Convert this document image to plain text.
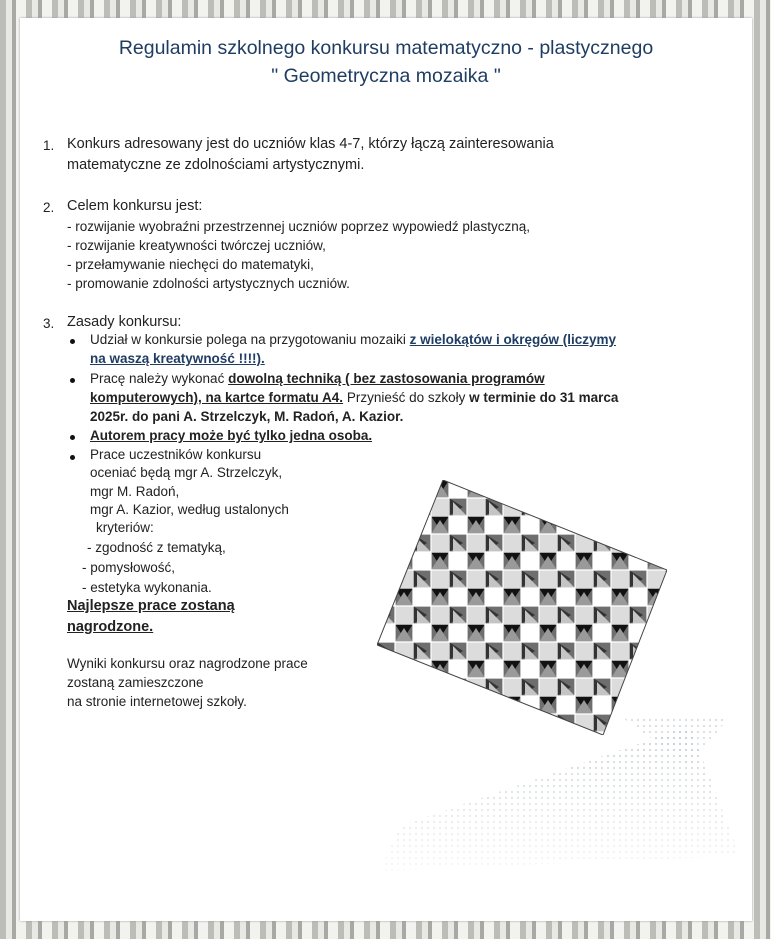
Regulamin szkolnego konkursu matematyczno - plastycznego
" Geometryczna mozaika "
1. Konkurs adresowany jest do uczniów klas 4-7, którzy łączą zainteresowania
matematyczne ze zdolnościami artystycznymi.
2. Celem konkursu jest:
- rozwijanie wyobraźni przestrzennej uczniów poprzez wypowiedź plastyczną,
- rozwijanie kreatywności twórczej uczniów,
- przełamywanie niechęci do matematyki,
- promowanie zdolności artystycznych uczniów.
3. Zasady konkursu:
Udział w konkursie polega na przygotowaniu mozaiki z wielokątów i okręgów (liczymy
na waszą kreatywność !!!!).
Pracę należy wykonać dowolną techniką ( bez zastosowania programów
komputerowych), na kartce formatu A4. Przynieść do szkoły w terminie do 31 marca
2025r. do pani A. Strzelczyk, M. Radoń, A. Kazior.
Autorem pracy może być tylko jedna osoba.
Prace uczestników konkursu
oceniać będą mgr A. Strzelczyk,
mgr M. Radoń,
mgr A. Kazior, według ustalonych
kryteriów:
- zgodność z tematyką,
- pomysłowość,
- estetyka wykonania.
Najlepsze prace zostaną
nagrodzone.
Wyniki konkursu oraz nagrodzone prace
zostaną zamieszczone
na stronie internetowej szkoły.
